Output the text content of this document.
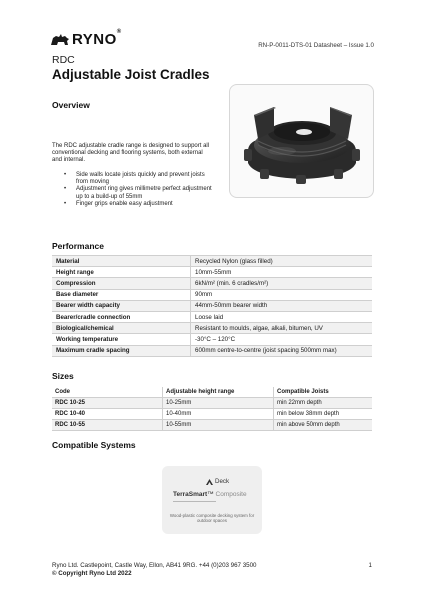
RYNO®
RN-P-0011-DTS-01 Datasheet – Issue 1.0
RDC
Adjustable Joist Cradles
Overview

The RDC adjustable cradle range is designed to support all conventional decking and flooring systems, both external and internal.

• Side walls locate joists quickly and prevent joists from moving
• Adjustment ring gives millimetre perfect adjustment up to a build-up of 55mm
• Finger grips enable easy adjustment
Performance
Material	Recycled Nylon (glass filled)
Height range	10mm-55mm
Compression	6kN/m² (min. 6 cradles/m²)
Base diameter	90mm
Bearer width capacity	44mm-50mm bearer width
Bearer/cradle connection	Loose laid
Biological/chemical	Resistant to moulds, algae, alkali, bitumen, UV
Working temperature	-30°C – 120°C
Maximum cradle spacing	600mm centre-to-centre (joist spacing 500mm max)
Sizes
Code	Adjustable height range	Compatible Joists
RDC 10-25	10-25mm	min 22mm depth
RDC 10-40	10-40mm	min below 38mm depth
RDC 10-55	10-55mm	min above 50mm depth
Compatible Systems
Deck
TerraSmart™ Composite
Wood-plastic composite decking system for outdoor spaces
Ryno Ltd. Castlepoint, Castle Way, Ellon, AB41 9RG. +44 (0)203 967 3500
© Copyright Ryno Ltd 2022
1
